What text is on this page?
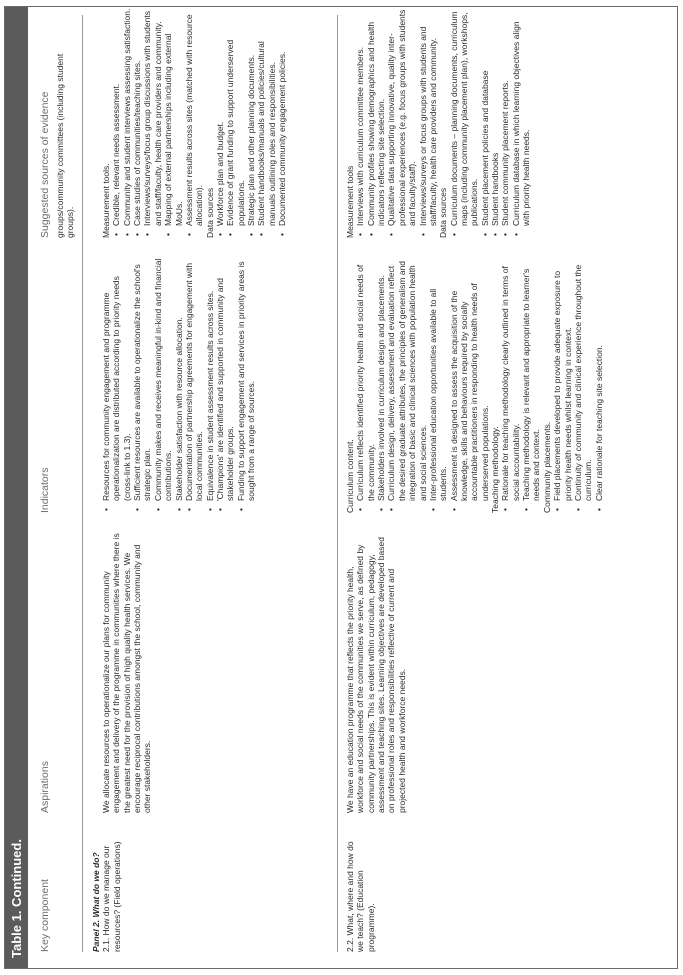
Table 1. Continued.	Key component
Aspirations
Indicators
Suggested sources of evidence groups/community committees (including student groups).
Panel 2. What do we do? 2.1. How do we manage our resources? (Field operations)
We allocate resources to operationalize our plans for community engagement and delivery of the programme in communities where there is the greatest need for the provision of high quality health services. We encourage reciprocal contributions amongst the school, community and other stakeholders.
• Resources for community engagement and programme operationalization are distributed according to priority needs (cross-link to 1.3). • Sufficient resources are available to operationalize the school's strategic plan. • Community makes and receives meaningful in-kind and financial contributions. • Stakeholder satisfaction with resource allocation. • Documentation of partnership agreements for engagement with local communities. • Equivalence in student assessment results across sites. • 'Champions' are identified and supported in community and stakeholder groups. • Funding to support engagement and services in priority areas is sought from a range of sources.
Measurement tools. • Credible, relevant needs assessment. • Community and student interviews assessing satisfaction. • Case studies of communities/teaching sites. • Interviews/surveys/focus group discussions with students and staff/faculty, health care providers and community. • Mapping of external partnerships including external MoUs. • Assessment results across sites (matched with resource allocation). Data sources • Workforce plan and budget. • Evidence of grant funding to support underserved populations. • Strategic plan and other planning documents. • Student handbooks/manuals and policies/cultural manuals outlining roles and responsibilities. • Documented community engagement policies.
2.2. What, where and how do we teach? (Education programme).
We have an education programme that reflects the priority health, workforce and social needs of the communities we serve, as defined by community partnerships. This is evident within curriculum, pedagogy, assessment and teaching sites. Learning objectives are developed based on professional roles and responsibilities reflective of current and projected health and workforce needs.
Curriculum content. • Curriculum reflects identified priority health and social needs of the community. • Stakeholders involved in curriculum design and placements. • Curriculum design, delivery, assessment and evaluation reflect the desired graduate attributes, the principles of generalism and integration of basic and clinical sciences with population health and social sciences. • Inter-professional education opportunities available to all students. • Assessment is designed to assess the acquisition of the knowledge, skills and behaviours required by socially accountable practitioners in responding to health needs of underserved populations. Teaching methodology. • Rationale for teaching methodology clearly outlined in terms of social accountability. • Teaching methodology is relevant and appropriate to learner's needs and context. Community placements. • Field placements developed to provide adequate exposure to priority health needs whilst learning in context. • Continuity of community and clinical experience throughout the curriculum. • Clear rationale for teaching site selection.
Measurement tools • Interviews with curriculum committee members. • Community profiles showing demographics and health indicators reflecting site selection. • Qualitative data supporting innovative, quality inter-professional experiences (e.g. focus groups with students and faculty/staff). • Interviews/surveys or focus groups with students and staff/faculty, health care providers and community. Data sources • Curriculum documents – planning documents, curriculum maps (including community placement plan), workshops, publications. • Student placement policies and database • Student handbooks • Student community placement reports. • Curriculum database in which learning objectives align with priority health needs.
